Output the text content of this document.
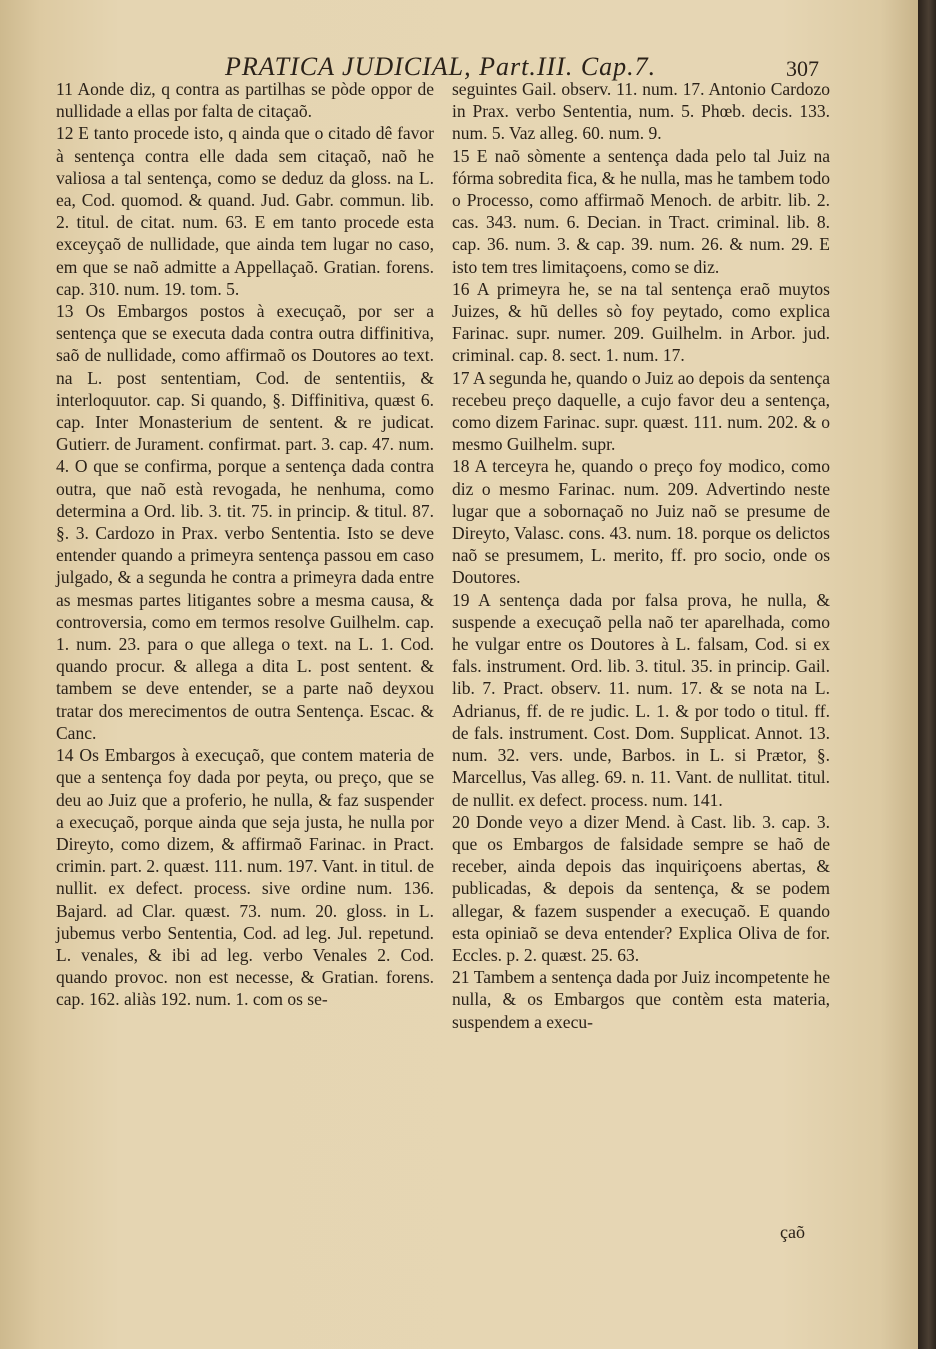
PRATICA JUDICIAL, Part.III. Cap.7.	307

11 Aonde diz, q contra as partilhas se pòde oppor de nullidade a ellas por falta de citaçaõ.

12 E tanto procede isto, q ainda que o citado dê favor à sentença contra elle dada sem citaçaõ, naõ he valiosa a tal sentença, como se deduz da gloss. na L. ea, Cod. quomod. & quand. Jud. Gabr. commun. lib. 2. titul. de citat. num. 63. E em tanto procede esta exceyçaõ de nullidade, que ainda tem lugar no caso, em que se naõ admitte a Appellaçaõ. Gratian. forens. cap. 310. num. 19. tom. 5.

13 Os Embargos postos à execuçaõ, por ser a sentença que se executa dada contra outra diffinitiva, saõ de nullidade, como affirmaõ os Doutores ao text. na L. post sententiam, Cod. de sententiis, & interloquutor. cap. Si quando, §. Diffinitiva, quæst 6. cap. Inter Monasterium de sentent. & re judicat. Gutierr. de Jurament. confirmat. part. 3. cap. 47. num. 4. O que se confirma, porque a sentença dada contra outra, que naõ està revogada, he nenhuma, como determina a Ord. lib. 3. tit. 75. in princip. & titul. 87. §. 3. Cardozo in Prax. verbo Sententia. Isto se deve entender quando a primeyra sentença passou em caso julgado, & a segunda he contra a primeyra dada entre as mesmas partes litigantes sobre a mesma causa, & controversia, como em termos resolve Guilhelm. cap. 1. num. 23. para o que allega o text. na L. 1. Cod. quando procur. & allega a dita L. post sentent. & tambem se deve entender, se a parte naõ deyxou tratar dos merecimentos de outra Sentença. Escac. & Canc.

14 Os Embargos à execuçaõ, que contem materia de que a sentença foy dada por peyta, ou preço, que se deu ao Juiz que a proferio, he nulla, & faz suspender a execuçaõ, porque ainda que seja justa, he nulla por Direyto, como dizem, & affirmaõ Farinac. in Pract. crimin. part. 2. quæst. 111. num. 197. Vant. in titul. de nullit. ex defect. process. sive ordine num. 136. Bajard. ad Clar. quæst. 73. num. 20. gloss. in L. jubemus verbo Sententia, Cod. ad leg. Jul. repetund. L. venales, & ibi ad leg. verbo Venales 2. Cod. quando provoc. non est necesse, & Gratian. forens. cap. 162. aliàs 192. num. 1. com os se-

seguintes Gail. observ. 11. num. 17. Antonio Cardozo in Prax. verbo Sententia, num. 5. Phœb. decis. 133. num. 5. Vaz alleg. 60. num. 9.

15 E naõ sòmente a sentença dada pelo tal Juiz na fórma sobredita fica, & he nulla, mas he tambem todo o Processo, como affirmaõ Menoch. de arbitr. lib. 2. cas. 343. num. 6. Decian. in Tract. criminal. lib. 8. cap. 36. num. 3. & cap. 39. num. 26. & num. 29. E isto tem tres limitaçoens, como se diz.

16 A primeyra he, se na tal sentença eraõ muytos Juizes, & hũ delles sò foy peytado, como explica Farinac. supr. numer. 209. Guilhelm. in Arbor. jud. criminal. cap. 8. sect. 1. num. 17.

17 A segunda he, quando o Juiz ao depois da sentença recebeu preço daquelle, a cujo favor deu a sentença, como dizem Farinac. supr. quæst. 111. num. 202. & o mesmo Guilhelm. supr.

18 A terceyra he, quando o preço foy modico, como diz o mesmo Farinac. num. 209. Advertindo neste lugar que a sobornaçaõ no Juiz naõ se presume de Direyto, Valasc. cons. 43. num. 18. porque os delictos naõ se presumem, L. merito, ff. pro socio, onde os Doutores.

19 A sentença dada por falsa prova, he nulla, & suspende a execuçaõ pella naõ ter aparelhada, como he vulgar entre os Doutores à L. falsam, Cod. si ex fals. instrument. Ord. lib. 3. titul. 35. in princip. Gail. lib. 7. Pract. observ. 11. num. 17. & se nota na L. Adrianus, ff. de re judic. L. 1. & por todo o titul. ff. de fals. instrument. Cost. Dom. Supplicat. Annot. 13. num. 32. vers. unde, Barbos. in L. si Prætor, §. Marcellus, Vas alleg. 69. n. 11. Vant. de nullitat. titul. de nullit. ex defect. process. num. 141.

20 Donde veyo a dizer Mend. à Cast. lib. 3. cap. 3. que os Embargos de falsidade sempre se haõ de receber, ainda depois das inquiriçoens abertas, & publicadas, & depois da sentença, & se podem allegar, & fazem suspender a execuçaõ. E quando esta opiniaõ se deva entender? Explica Oliva de for. Eccles. p. 2. quæst. 25. 63.

21 Tambem a sentença dada por Juiz incompetente he nulla, & os Embargos que contèm esta materia, suspendem a execu-

çaõ
